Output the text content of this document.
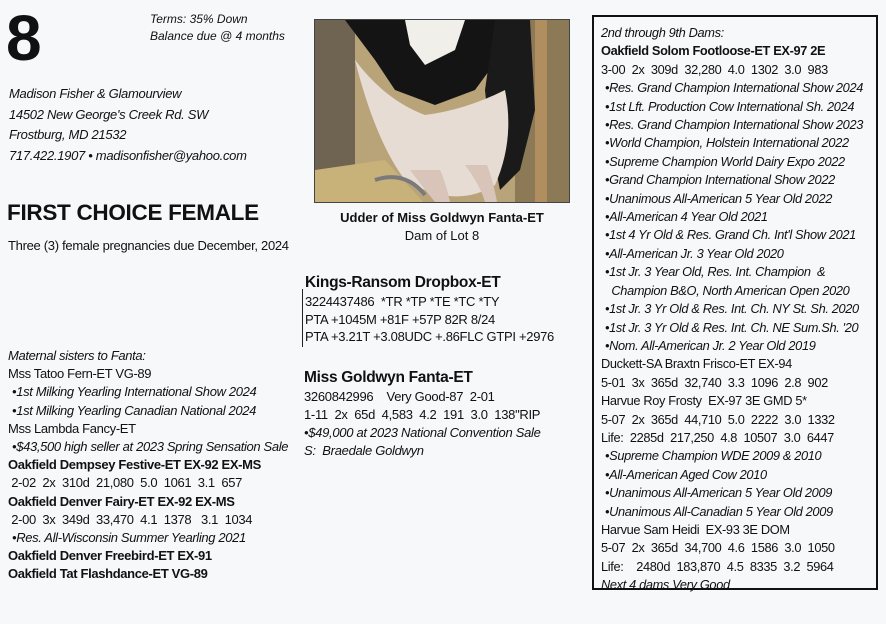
8	Terms: 35% Down
Balance due @ 4 months
Madison Fisher & Glamourview
14502 New George's Creek Rd. SW
Frostburg, MD 21532
717.422.1907 • madisonfisher@yahoo.com
FIRST CHOICE FEMALE
Three (3) female pregnancies due December, 2024
Udder of Miss Goldwyn Fanta-ET
Dam of Lot 8
Kings-Ransom Dropbox-ET
3224437486  *TR *TP *TE *TC *TY
PTA +1045M +81F +57P 82R 8/24
PTA +3.21T +3.08UDC +.86FLC GTPI +2976
Miss Goldwyn Fanta-ET
3260842996    Very Good-87  2-01
1-11  2x  65d  4,583  4.2  191  3.0  138"RIP
•$49,000 at 2023 National Convention Sale
S:  Braedale Goldwyn
Maternal sisters to Fanta:
Mss Tatoo Fern-ET VG-89
•1st Milking Yearling International Show 2024
•1st Milking Yearling Canadian National 2024
Mss Lambda Fancy-ET
•$43,500 high seller at 2023 Spring Sensation Sale
Oakfield Dempsey Festive-ET EX-92 EX-MS
2-02  2x  310d  21,080  5.0  1061  3.1  657
Oakfield Denver Fairy-ET EX-92 EX-MS
2-00  3x  349d  33,470  4.1  1378   3.1  1034
•Res. All-Wisconsin Summer Yearling 2021
Oakfield Denver Freebird-ET EX-91
Oakfield Tat Flashdance-ET VG-89
2nd through 9th Dams:
Oakfield Solom Footloose-ET EX-97 2E
3-00  2x  309d  32,280  4.0  1302  3.0  983
•Res. Grand Champion International Show 2024
•1st Lft. Production Cow International Sh. 2024
•Res. Grand Champion International Show 2023
•World Champion, Holstein International 2022
•Supreme Champion World Dairy Expo 2022
•Grand Champion International Show 2022
•Unanimous All-American 5 Year Old 2022
•All-American 4 Year Old 2021
•1st 4 Yr Old & Res. Grand Ch. Int'l Show 2021
•All-American Jr. 3 Year Old 2020
•1st Jr. 3 Year Old, Res. Int. Champion  &
Champion B&O, North American Open 2020
•1st Jr. 3 Yr Old & Res. Int. Ch. NY St. Sh. 2020
•1st Jr. 3 Yr Old & Res. Int. Ch. NE Sum.Sh. '20
•Nom. All-American Jr. 2 Year Old 2019
Duckett-SA Braxtn Frisco-ET EX-94
5-01  3x  365d  32,740  3.3  1096  2.8  902
Harvue Roy Frosty  EX-97 3E GMD 5*
5-07  2x  365d  44,710  5.0  2222  3.0  1332
Life:  2285d  217,250  4.8  10507  3.0  6447
•Supreme Champion WDE 2009 & 2010
•All-American Aged Cow 2010
•Unanimous All-American 5 Year Old 2009
•Unanimous All-Canadian 5 Year Old 2009
Harvue Sam Heidi  EX-93 3E DOM
5-07  2x  365d  34,700  4.6  1586  3.0  1050
Life:    2480d  183,870  4.5  8335  3.2  5964
Next 4 dams Very Good
